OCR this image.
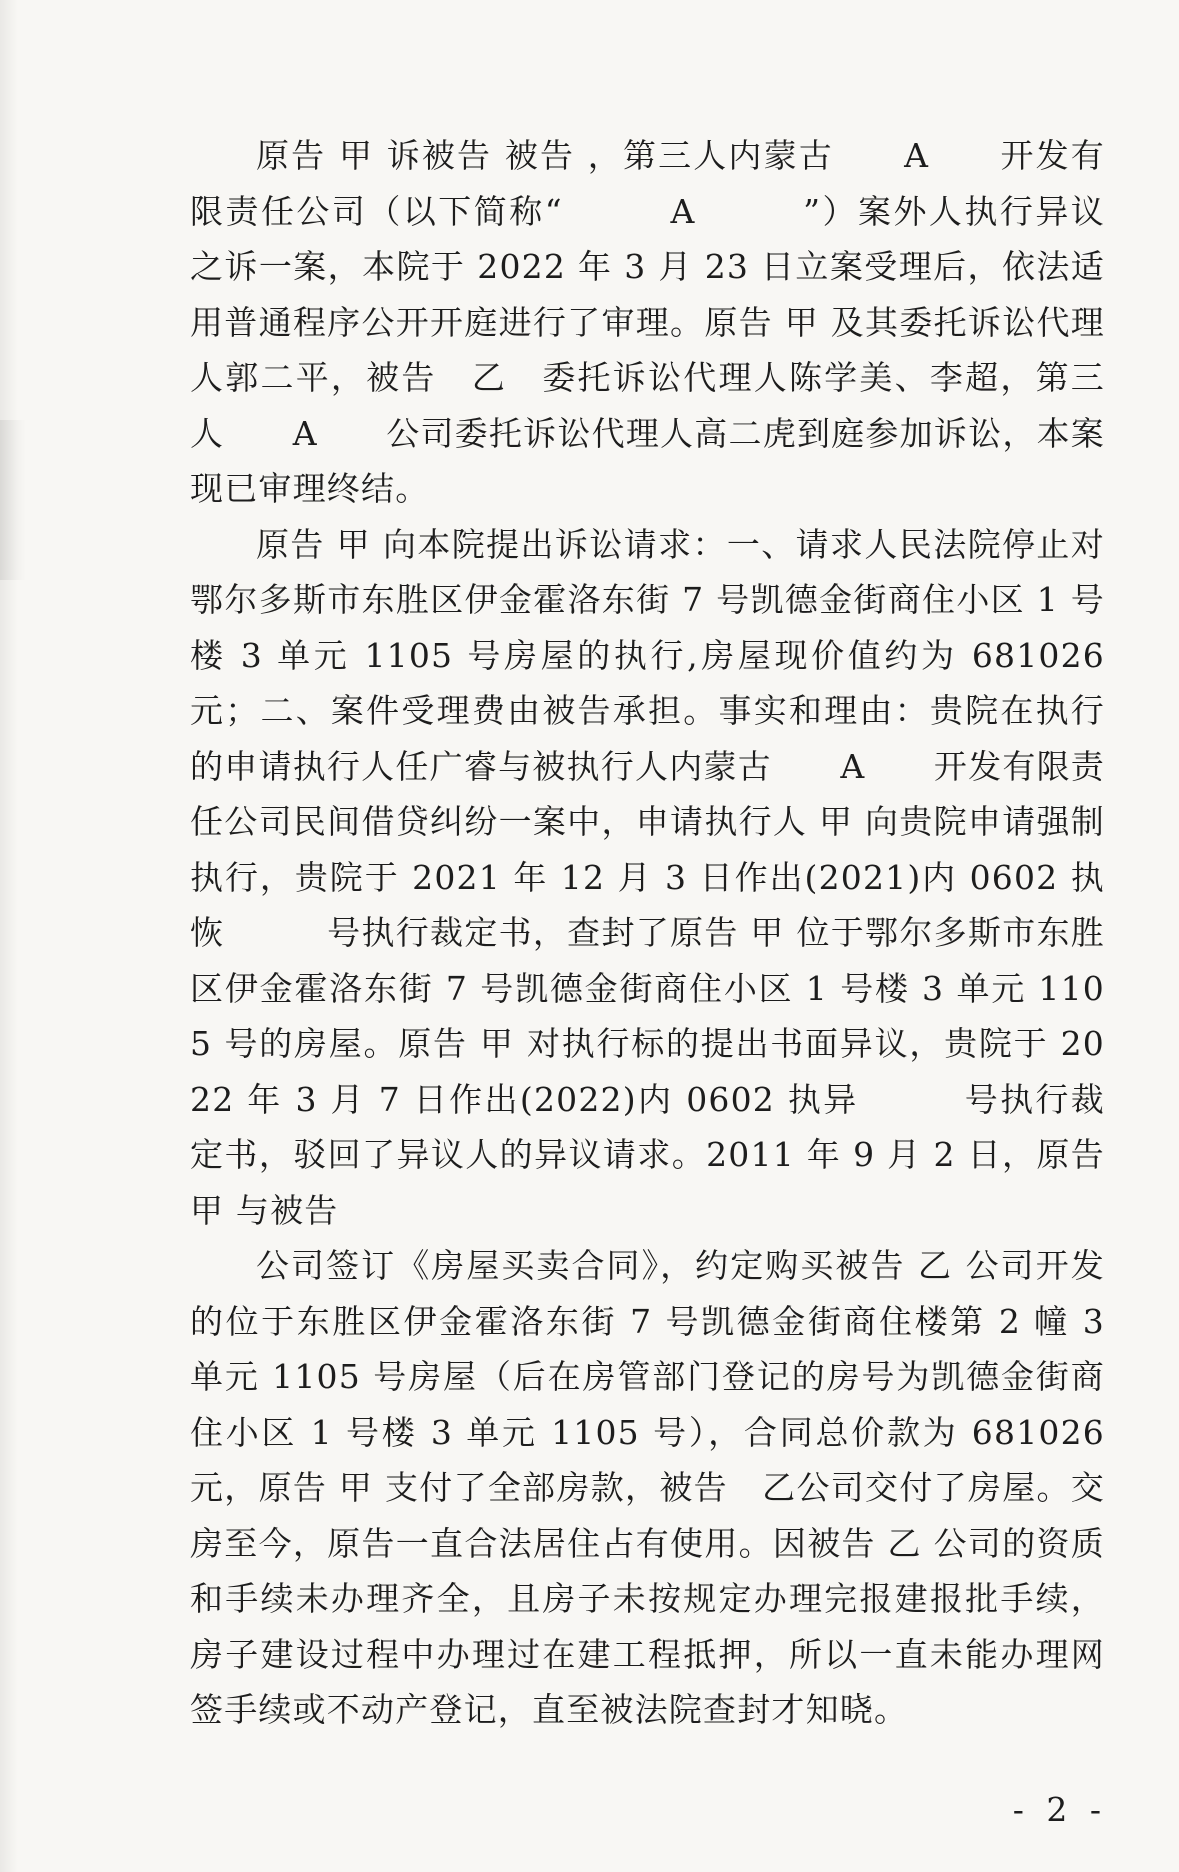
原告 甲 诉被告 被告 ，第三人内蒙古　　A　　开发有限责任公司（以下简称“　　　A　　　”）案外人执行异议之诉一案，本院于 2022 年 3 月 23 日立案受理后，依法适用普通程序公开开庭进行了审理。原告 甲 及其委托诉讼代理人郭二平，被告　乙　委托诉讼代理人陈学美、李超，第三人　　A　　公司委托诉讼代理人高二虎到庭参加诉讼，本案现已审理终结。

原告 甲 向本院提出诉讼请求：一、请求人民法院停止对鄂尔多斯市东胜区伊金霍洛东街 7 号凯德金街商住小区 1 号楼 3 单元 1105 号房屋的执行,房屋现价值约为 681026 元；二、案件受理费由被告承担。事实和理由：贵院在执行的申请执行人任广睿与被执行人内蒙古　　A　　开发有限责任公司民间借贷纠纷一案中，申请执行人 甲 向贵院申请强制执行，贵院于 2021 年 12 月 3 日作出(2021)内 0602 执恢　　　号执行裁定书，查封了原告 甲 位于鄂尔多斯市东胜区伊金霍洛东街 7 号凯德金街商住小区 1 号楼 3 单元 1105 号的房屋。原告 甲 对执行标的提出书面异议，贵院于 2022 年 3 月 7 日作出(2022)内 0602 执异　　　号执行裁定书，驳回了异议人的异议请求。2011 年 9 月 2 日，原告 甲 与被告

公司签订《房屋买卖合同》，约定购买被告 乙 公司开发的位于东胜区伊金霍洛东街 7 号凯德金街商住楼第 2 幢 3 单元 1105 号房屋（后在房管部门登记的房号为凯德金街商住小区 1 号楼 3 单元 1105 号），合同总价款为 681026 元，原告 甲 支付了全部房款，被告　乙公司交付了房屋。交房至今，原告一直合法居住占有使用。因被告 乙 公司的资质和手续未办理齐全，且房子未按规定办理完报建报批手续，房子建设过程中办理过在建工程抵押，所以一直未能办理网签手续或不动产登记，直至被法院查封才知晓。

- 2 -
